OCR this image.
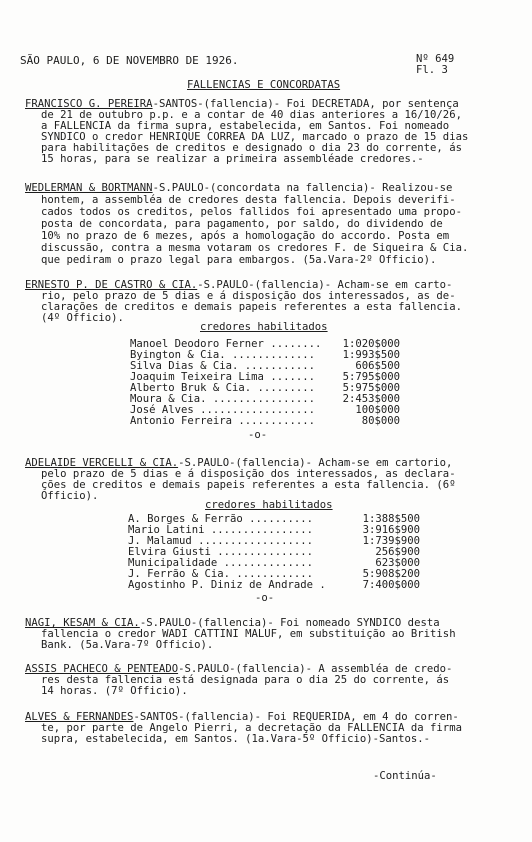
SÃO PAULO, 6 DE NOVEMBRO DE 1926.	Nº 649
Fl. 3
FALLENCIAS E CONCORDATAS
FRANCISCO G. PEREIRA-SANTOS-(fallencia)- Foi DECRETADA, por sentença
de 21 de outubro p.p. e a contar de 40 dias anteriores a 16/10/26,
a FALLENCIA da firma supra, estabelecida, em Santos. Foi nomeado
SYNDICO o credor HENRIQUE CORREA DA LUZ, marcado o prazo de 15 dias
para habilitações de creditos e designado o dia 23 do corrente, ás
15 horas, para se realizar a primeira assembléade credores.-
WEDLERMAN & BORTMANN-S.PAULO-(concordata na fallencia)- Realizou-se
hontem, a assembléa de credores desta fallencia. Depois deverifi-
cados todos os creditos, pelos fallidos foi apresentado uma propo-
posta de concordata, para pagamento, por saldo, do dividendo de
10% no prazo de 6 mezes, após a homologação do accordo. Posta em
discussão, contra a mesma votaram os credores F. de Siqueira & Cia.
que pediram o prazo legal para embargos. (5a.Vara-2º Officio).
ERNESTO P. DE CASTRO & CIA.-S.PAULO-(fallencia)- Acham-se em carto-
rio, pelo prazo de 5 dias e á disposição dos interessados, as de-
clarações de creditos e demais papeis referentes a esta fallencia.
(4º Officio).
credores habilitados
Manoel Deodoro Ferner ........	1:020$000
Byington & Cia. .............	1:993$500
Silva Dias & Cia. ...........	606$500
Joaquim Teixeira Lima .......	5:795$000
Alberto Bruk & Cia. .........	5:975$000
Moura & Cia. ................	2:453$000
José Alves ..................	100$000
Antonio Ferreira ............	80$000
-o-
ADELAIDE VERCELLI & CIA.-S.PAULO-(fallencia)- Acham-se em cartorio,
pelo prazo de 5 dias e á disposição dos interessados, as declara-
ções de creditos e demais papeis referentes a esta fallencia. (6º
Officio).
credores habilitados
A. Borges & Ferrão ..........	1:388$500
Mario Latini ................	3:916$900
J. Malamud ..................	1:739$900
Elvira Giusti ...............	256$900
Municipalidade ..............	623$000
J. Ferrão & Cia. ............	5:908$200
Agostinho P. Diniz de Andrade .	7:400$000
-o-
NAGI, KESAM & CIA.-S.PAULO-(fallencia)- Foi nomeado SYNDICO desta
fallencia o credor WADI CATTINI MALUF, em substituição ao British
Bank. (5a.Vara-7º Officio).
ASSIS PACHECO & PENTEADO-S.PAULO-(fallencia)- A assembléa de credo-
res desta fallencia está designada para o dia 25 do corrente, ás
14 horas. (7º Officio).
ALVES & FERNANDES-SANTOS-(fallencia)- Foi REQUERIDA, em 4 do corren-
te, por parte de Angelo Pierri, a decretação da FALLENCIA da firma
supra, estabelecida, em Santos. (1a.Vara-5º Officio)-Santos.-
-Continúa-
